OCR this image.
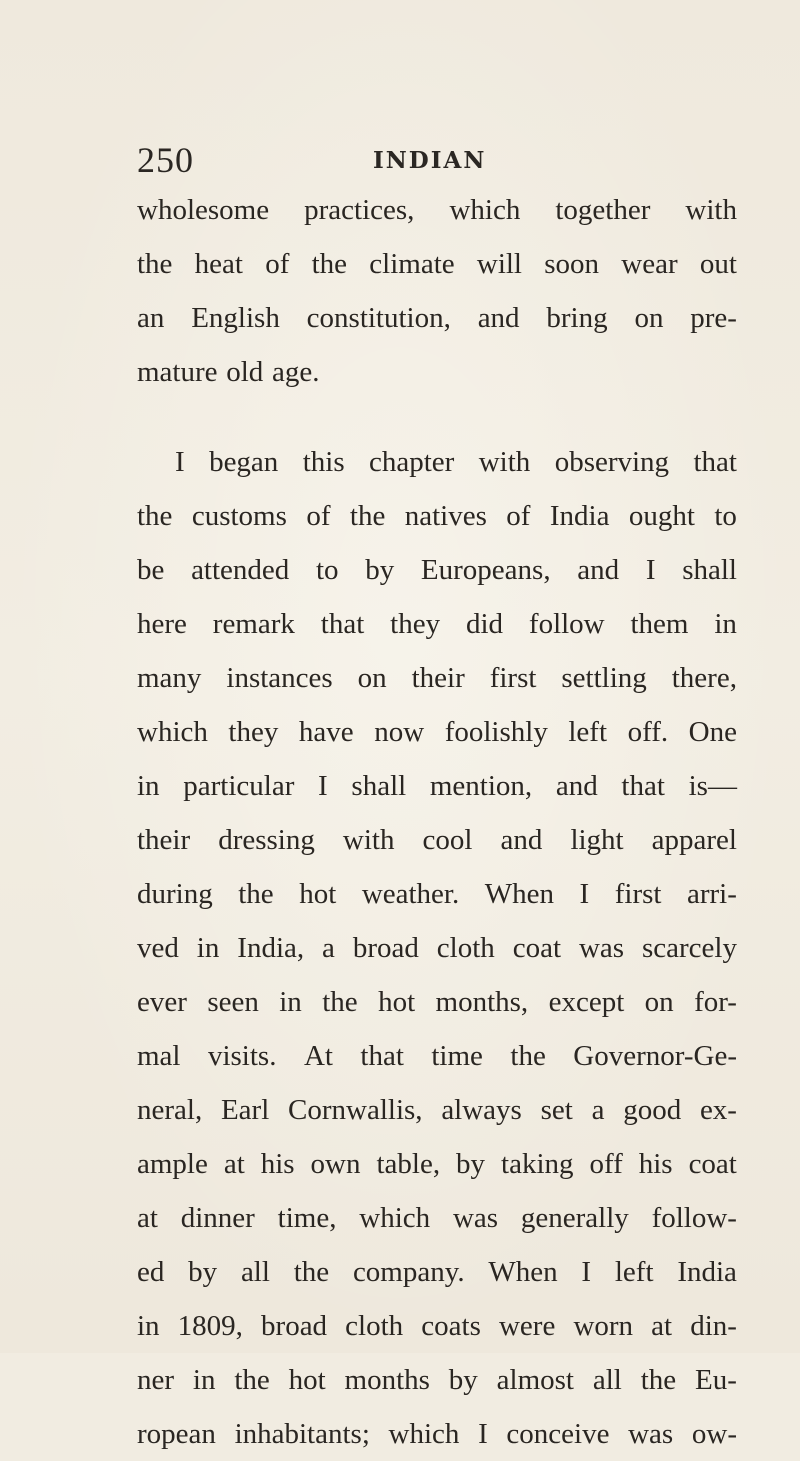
250	INDIAN
wholesome practices, which together with
the heat of the climate will soon wear out
an English constitution, and bring on pre-
mature old age.
I began this chapter with observing that
the customs of the natives of India ought to
be attended to by Europeans, and I shall
here remark that they did follow them in
many instances on their first settling there,
which they have now foolishly left off. One
in particular I shall mention, and that is—
their dressing with cool and light apparel
during the hot weather. When I first arri-
ved in India, a broad cloth coat was scarcely
ever seen in the hot months, except on for-
mal visits. At that time the Governor-Ge-
neral, Earl Cornwallis, always set a good ex-
ample at his own table, by taking off his coat
at dinner time, which was generally follow-
ed by all the company. When I left India
in 1809, broad cloth coats were worn at din-
ner in the hot months by almost all the Eu-
ropean inhabitants; which I conceive was ow-
